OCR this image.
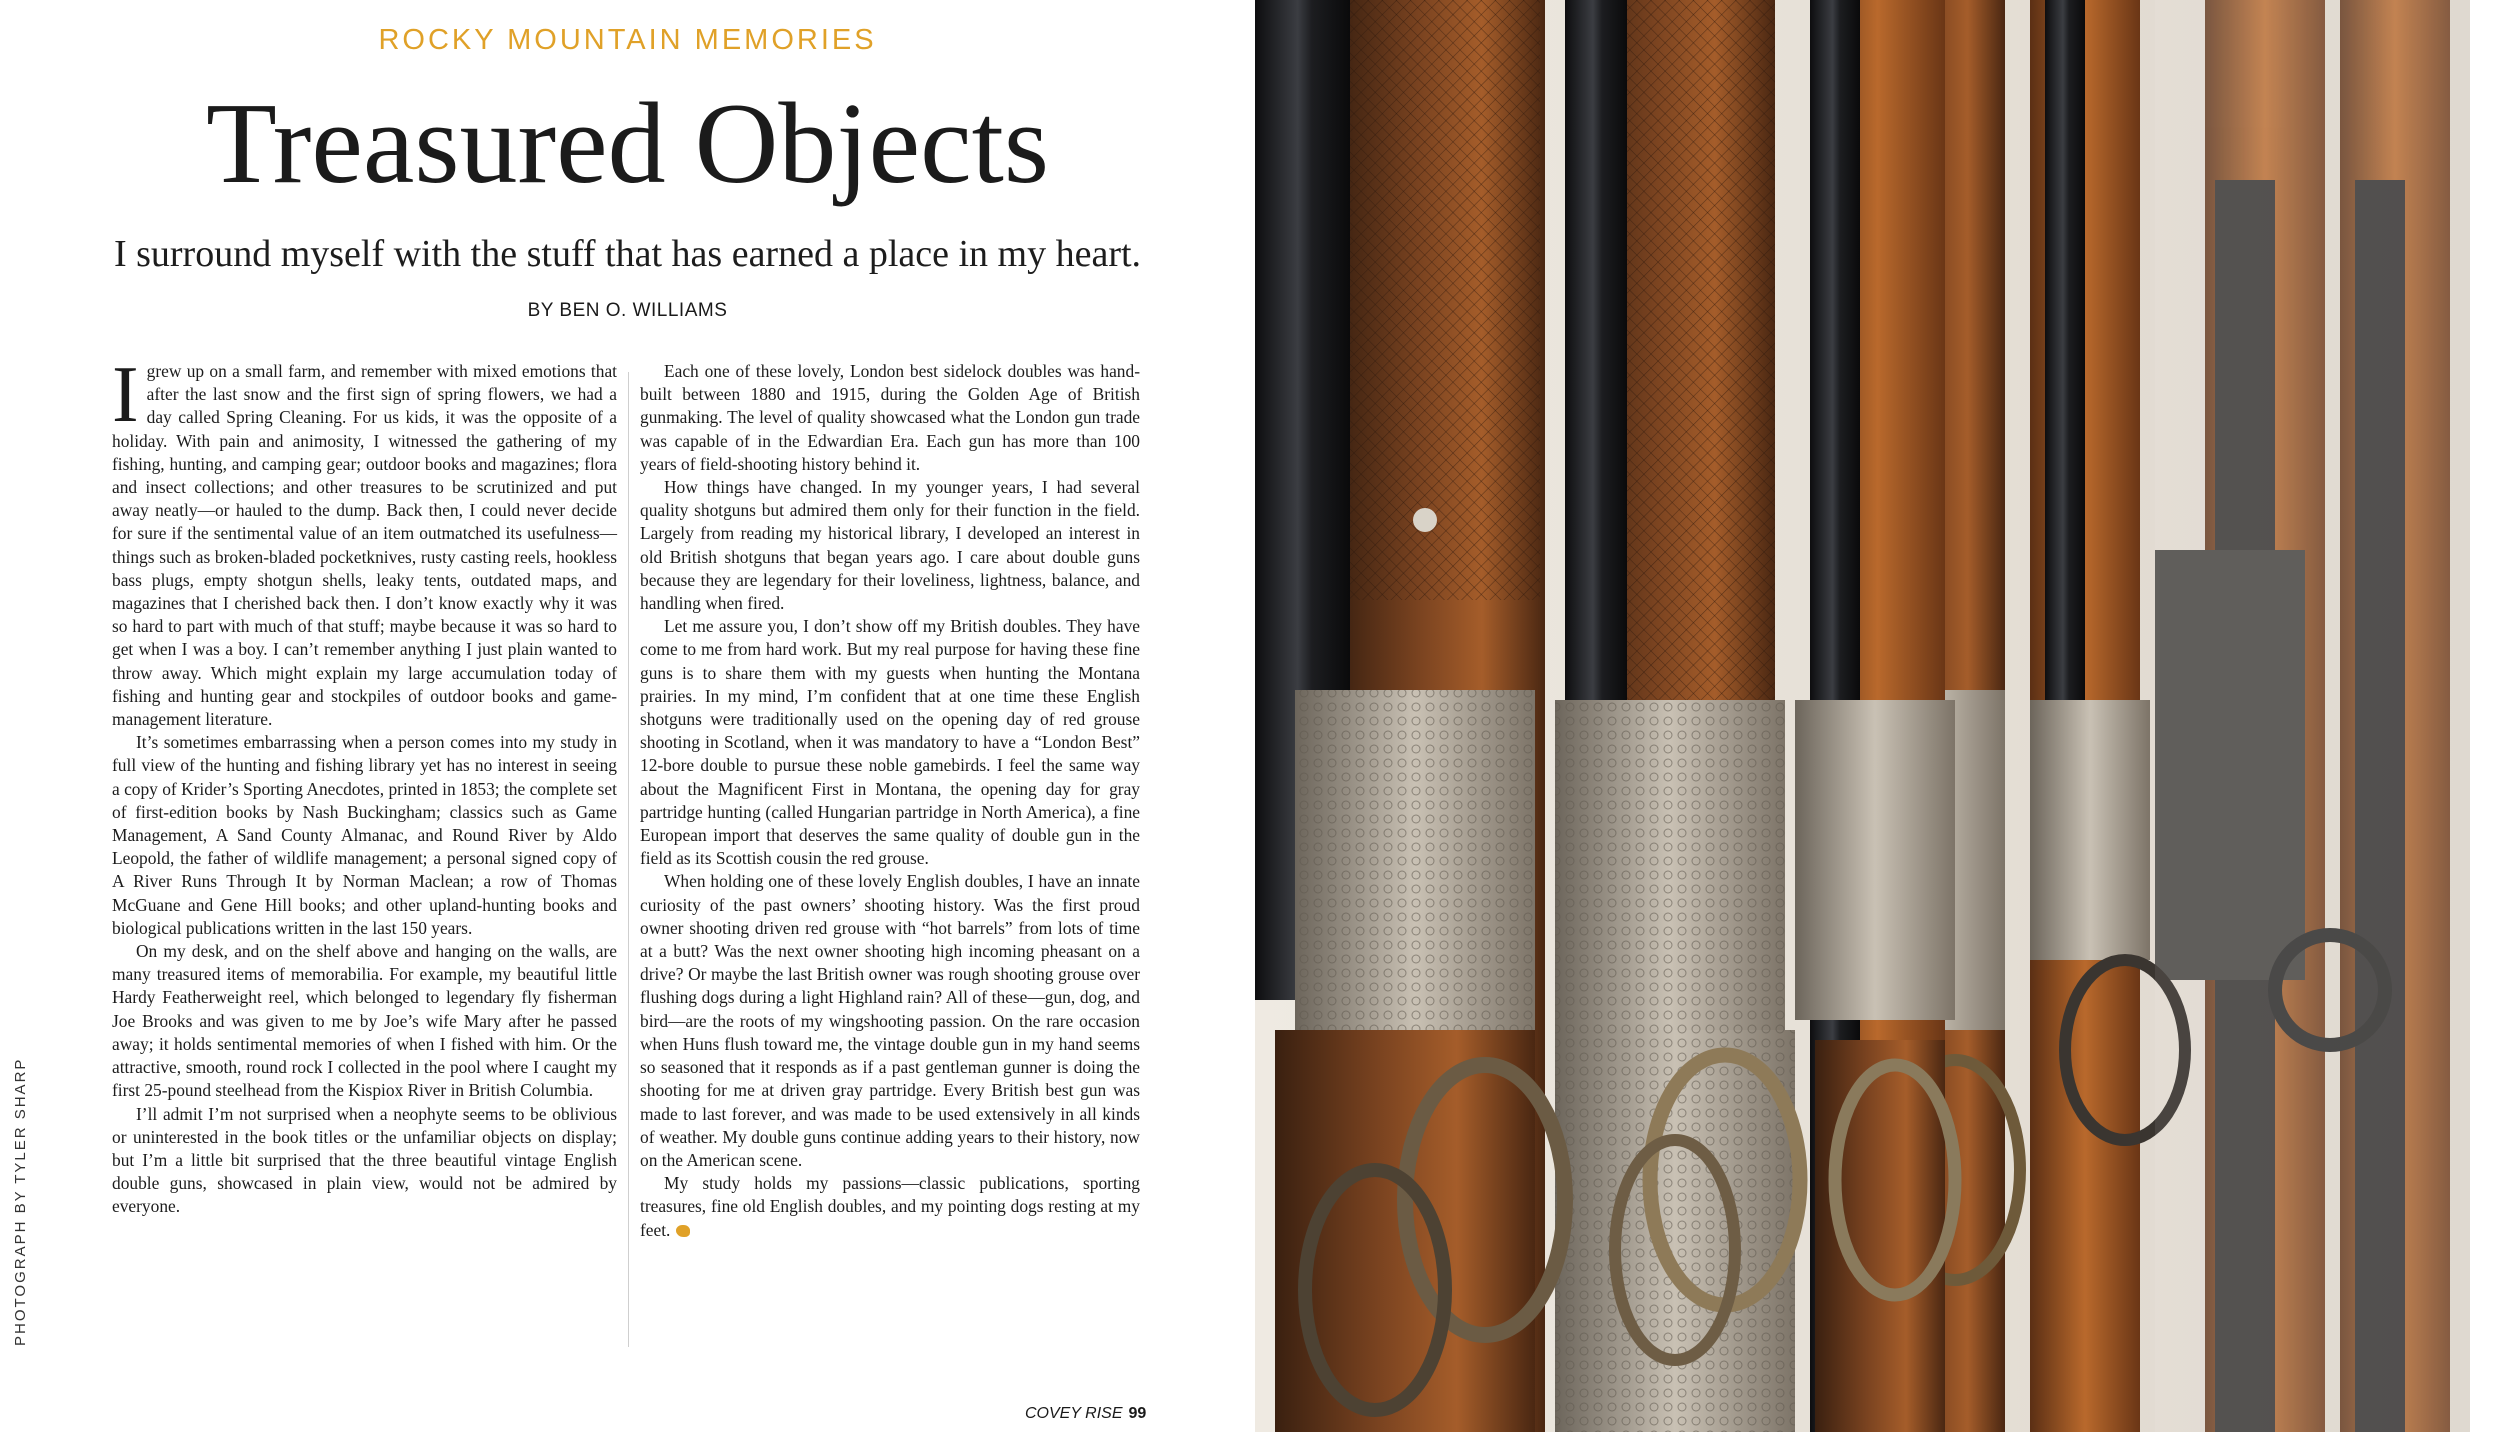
ROCKY MOUNTAIN MEMORIES
Treasured Objects
I surround myself with the stuff that has earned a place in my heart.
BY BEN O. WILLIAMS

Igrew up on a small farm, and remember with mixed emotions that after the last snow and the first sign of spring flowers, we had a day called Spring Cleaning. For us kids, it was the opposite of a holiday. With pain and animosity, I witnessed the gathering of my fishing, hunting, and camping gear; outdoor books and magazines; flora and insect collections; and other treasures to be scrutinized and put away neatly—or hauled to the dump. Back then, I could never decide for sure if the sentimental value of an item outmatched its usefulness—things such as broken-bladed pocketknives, rusty casting reels, hookless bass plugs, empty shotgun shells, leaky tents, outdated maps, and magazines that I cherished back then. I don’t know exactly why it was so hard to part with much of that stuff; maybe because it was so hard to get when I was a boy. I can’t remember anything I just plain wanted to throw away. Which might explain my large accumulation today of fishing and hunting gear and stockpiles of outdoor books and game-management literature.

It’s sometimes embarrassing when a person comes into my study in full view of the hunting and fishing library yet has no interest in seeing a copy of Krider’s Sporting Anecdotes, printed in 1853; the complete set of first-edition books by Nash Buckingham; classics such as Game Management, A Sand County Almanac, and Round River by Aldo Leopold, the father of wildlife management; a personal signed copy of A River Runs Through It by Norman Maclean; a row of Thomas McGuane and Gene Hill books; and other upland-hunting books and biological publications written in the last 150 years.

On my desk, and on the shelf above and hanging on the walls, are many treasured items of memorabilia. For example, my beautiful little Hardy Featherweight reel, which belonged to legendary fly fisherman Joe Brooks and was given to me by Joe’s wife Mary after he passed away; it holds sentimental memories of when I fished with him. Or the attractive, smooth, round rock I collected in the pool where I caught my first 25-pound steelhead from the Kispiox River in British Columbia.

I’ll admit I’m not surprised when a neophyte seems to be oblivious or uninterested in the book titles or the unfamiliar objects on display; but I’m a little bit surprised that the three beautiful vintage English double guns, showcased in plain view, would not be admired by everyone.

Each one of these lovely, London best sidelock doubles was hand-built between 1880 and 1915, during the Golden Age of British gunmaking. The level of quality showcased what the London gun trade was capable of in the Edwardian Era. Each gun has more than 100 years of field-shooting history behind it.

How things have changed. In my younger years, I had several quality shotguns but admired them only for their function in the field. Largely from reading my historical library, I developed an interest in old British shotguns that began years ago. I care about double guns because they are legendary for their loveliness, lightness, balance, and handling when fired.

Let me assure you, I don’t show off my British doubles. They have come to me from hard work. But my real purpose for having these fine guns is to share them with my guests when hunting the Montana prairies. In my mind, I’m confident that at one time these English shotguns were traditionally used on the opening day of red grouse shooting in Scotland, when it was mandatory to have a “London Best” 12-bore double to pursue these noble gamebirds. I feel the same way about the Magnificent First in Montana, the opening day for gray partridge hunting (called Hungarian partridge in North America), a fine European import that deserves the same quality of double gun in the field as its Scottish cousin the red grouse.

When holding one of these lovely English doubles, I have an innate curiosity of the past owners’ shooting history. Was the first proud owner shooting driven red grouse with “hot barrels” from lots of time at a butt? Was the next owner shooting high incoming pheasant on a drive? Or maybe the last British owner was rough shooting grouse over flushing dogs during a light Highland rain? All of these—gun, dog, and bird—are the roots of my wingshooting passion. On the rare occasion when Huns flush toward me, the vintage double gun in my hand seems so seasoned that it responds as if a past gentleman gunner is doing the shooting for me at driven gray partridge. Every British best gun was made to last forever, and was made to be used extensively in all kinds of weather. My double guns continue adding years to their history, now on the American scene.

My study holds my passions—classic publications, sporting treasures, fine old English doubles, and my pointing dogs resting at my feet.

COVEY RISE 99
PHOTOGRAPH BY TYLER SHARP
